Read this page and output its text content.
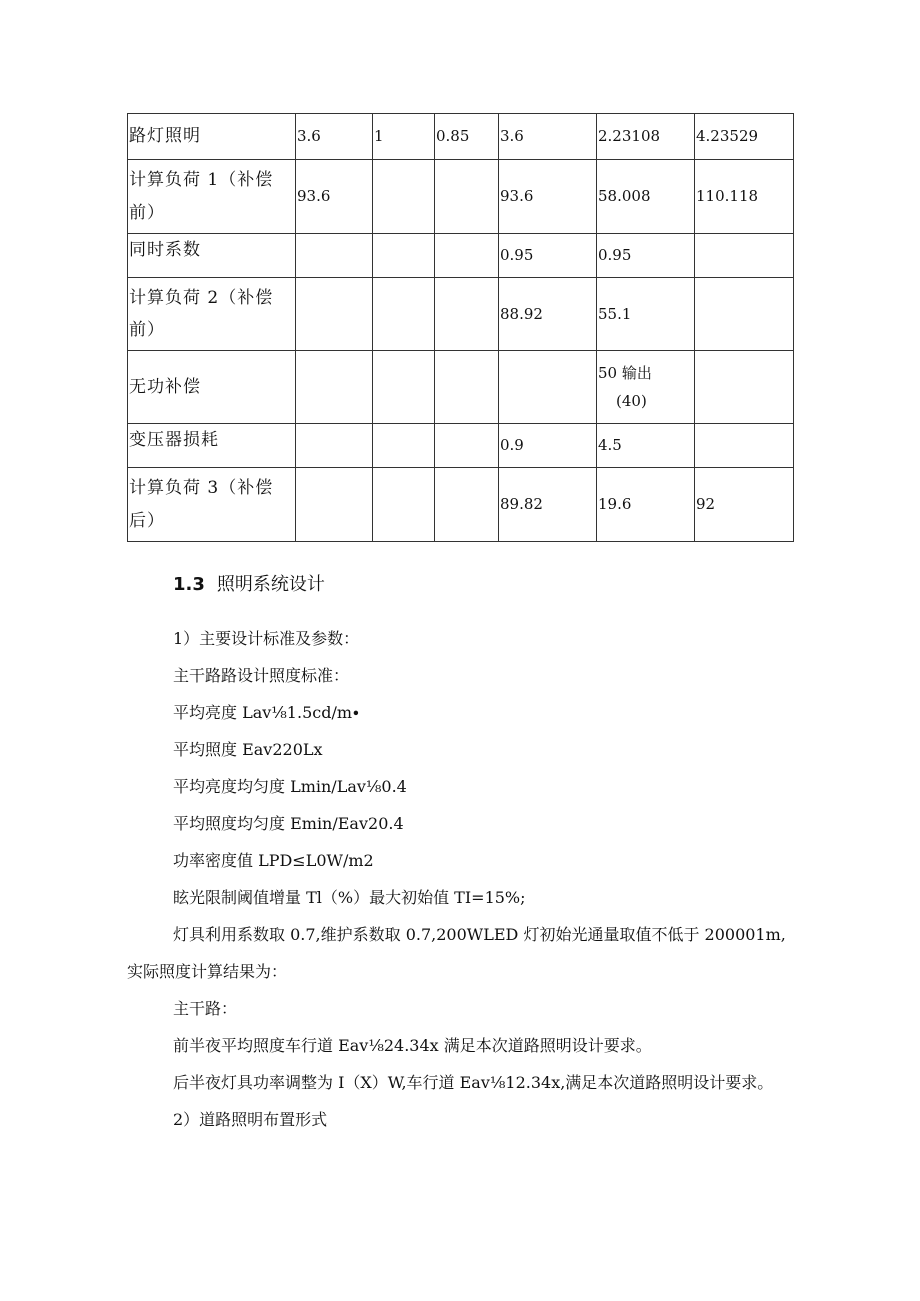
路灯照明	3.6	1	0.85	3.6	2.23108	4.23529
计算负荷 1（补偿前）	93.6			93.6	58.008	110.118
同时系数				0.95	0.95	
计算负荷 2（补偿前）				88.92	55.1	
无功补偿					50 输出
(40)	

变压器损耗				0.9	4.5	
计算负荷 3（补偿后）				89.82	19.6	92
1.3 照明系统设计

1）主要设计标准及参数：

主干路路设计照度标准：

平均亮度 Lav⅛1.5cd∕m∙

平均照度 Eav220Lx

平均亮度均匀度 Lmin/Lav⅛0.4

平均照度均匀度 Emin/Eav20.4

功率密度值 LPD≤L0W∕m2

眩光限制阈值增量 Tl（%）最大初始值 TI=15%;

灯具利用系数取 0.7,维护系数取 0.7,200WLED 灯初始光通量取值不低于 200001m,实际照度计算结果为：

主干路：

前半夜平均照度车行道 Eav⅛24.34x 满足本次道路照明设计要求。

后半夜灯具功率调整为 I（X）W,车行道 Eav⅛12.34x,满足本次道路照明设计要求。

2）道路照明布置形式
